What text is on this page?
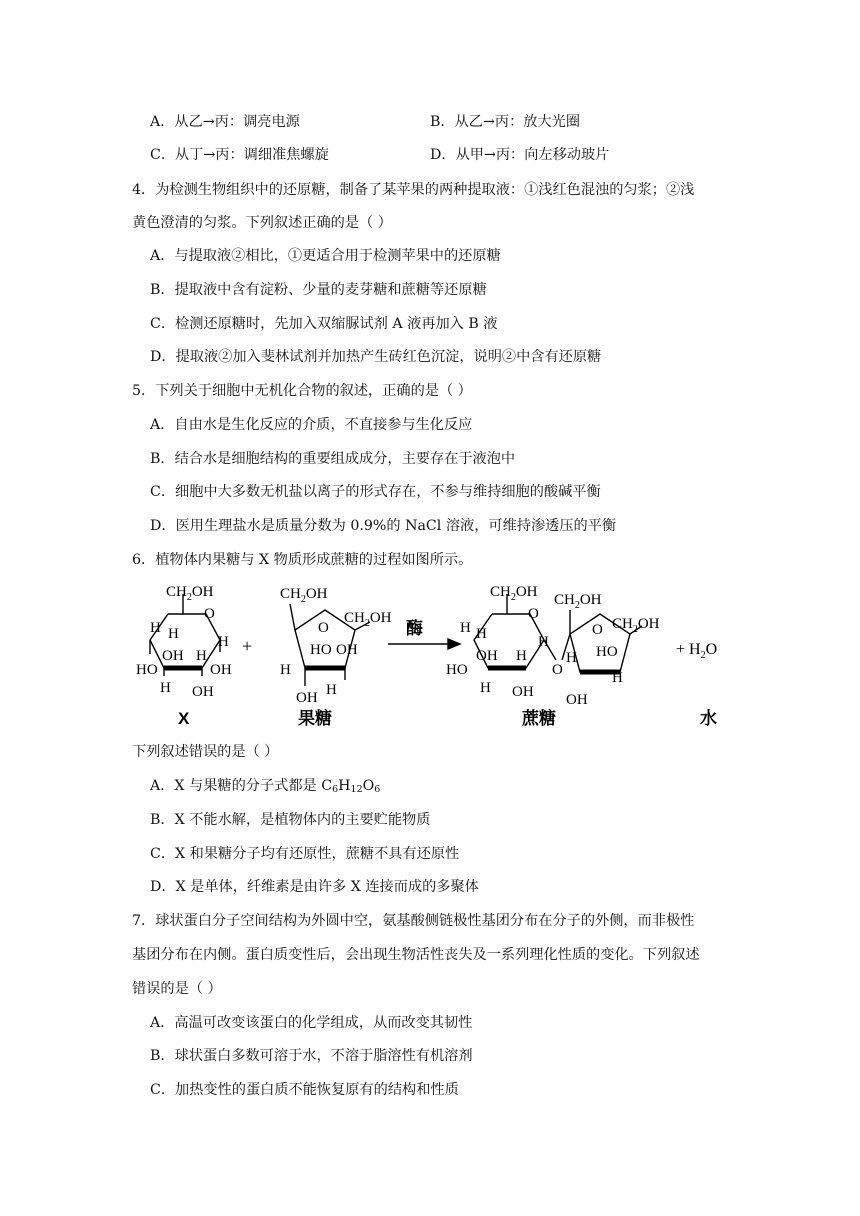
A．从乙→丙：调亮电源	B．从乙→丙：放大光圈
C．从丁→丙：调细准焦螺旋	D．从甲→丙：向左移动玻片
4．为检测生物组织中的还原糖，制备了某苹果的两种提取液：①浅红色混浊的匀浆；②浅
黄色澄清的匀浆。下列叙述正确的是（ ）
A．与提取液②相比，①更适合用于检测苹果中的还原糖
B．提取液中含有淀粉、少量的麦芽糖和蔗糖等还原糖
C．检测还原糖时，先加入双缩脲试剂 A 液再加入 B 液
D．提取液②加入斐林试剂并加热产生砖红色沉淀，说明②中含有还原糖
5．下列关于细胞中无机化合物的叙述，正确的是（ ）
A．自由水是生化反应的介质，不直接参与生化反应
B．结合水是细胞结构的重要组成成分，主要存在于液泡中
C．细胞中大多数无机盐以离子的形式存在，不参与维持细胞的酸碱平衡
D．医用生理盐水是质量分数为 0.9%的 NaCl 溶液，可维持渗透压的平衡
6．植物体内果糖与 X 物质形成蔗糖的过程如图所示。
$CH_2OH$
O
H H
HO
OH H
H
OH
H OH
+
$CH_2OH$
O
$CH_2OH$
H
HO OH
OH H
酶
$CH_2OH$
O
H H
HO
OH H
H
H OH
O
$CH_2OH$
O $CH_2OH$
H HO
OH
H
+ $H_2O$
X	果糖	蔗糖	水
下列叙述错误的是（ ）
A．X 与果糖的分子式都是 $C_6H_{12}O_6$
B．X 不能水解，是植物体内的主要贮能物质
C．X 和果糖分子均有还原性，蔗糖不具有还原性
D．X 是单体，纤维素是由许多 X 连接而成的多聚体
7．球状蛋白分子空间结构为外圆中空，氨基酸侧链极性基团分布在分子的外侧，而非极性
基团分布在内侧。蛋白质变性后，会出现生物活性丧失及一系列理化性质的变化。下列叙述
错误的是（ ）
A．高温可改变该蛋白的化学组成，从而改变其韧性
B．球状蛋白多数可溶于水，不溶于脂溶性有机溶剂
C．加热变性的蛋白质不能恢复原有的结构和性质
